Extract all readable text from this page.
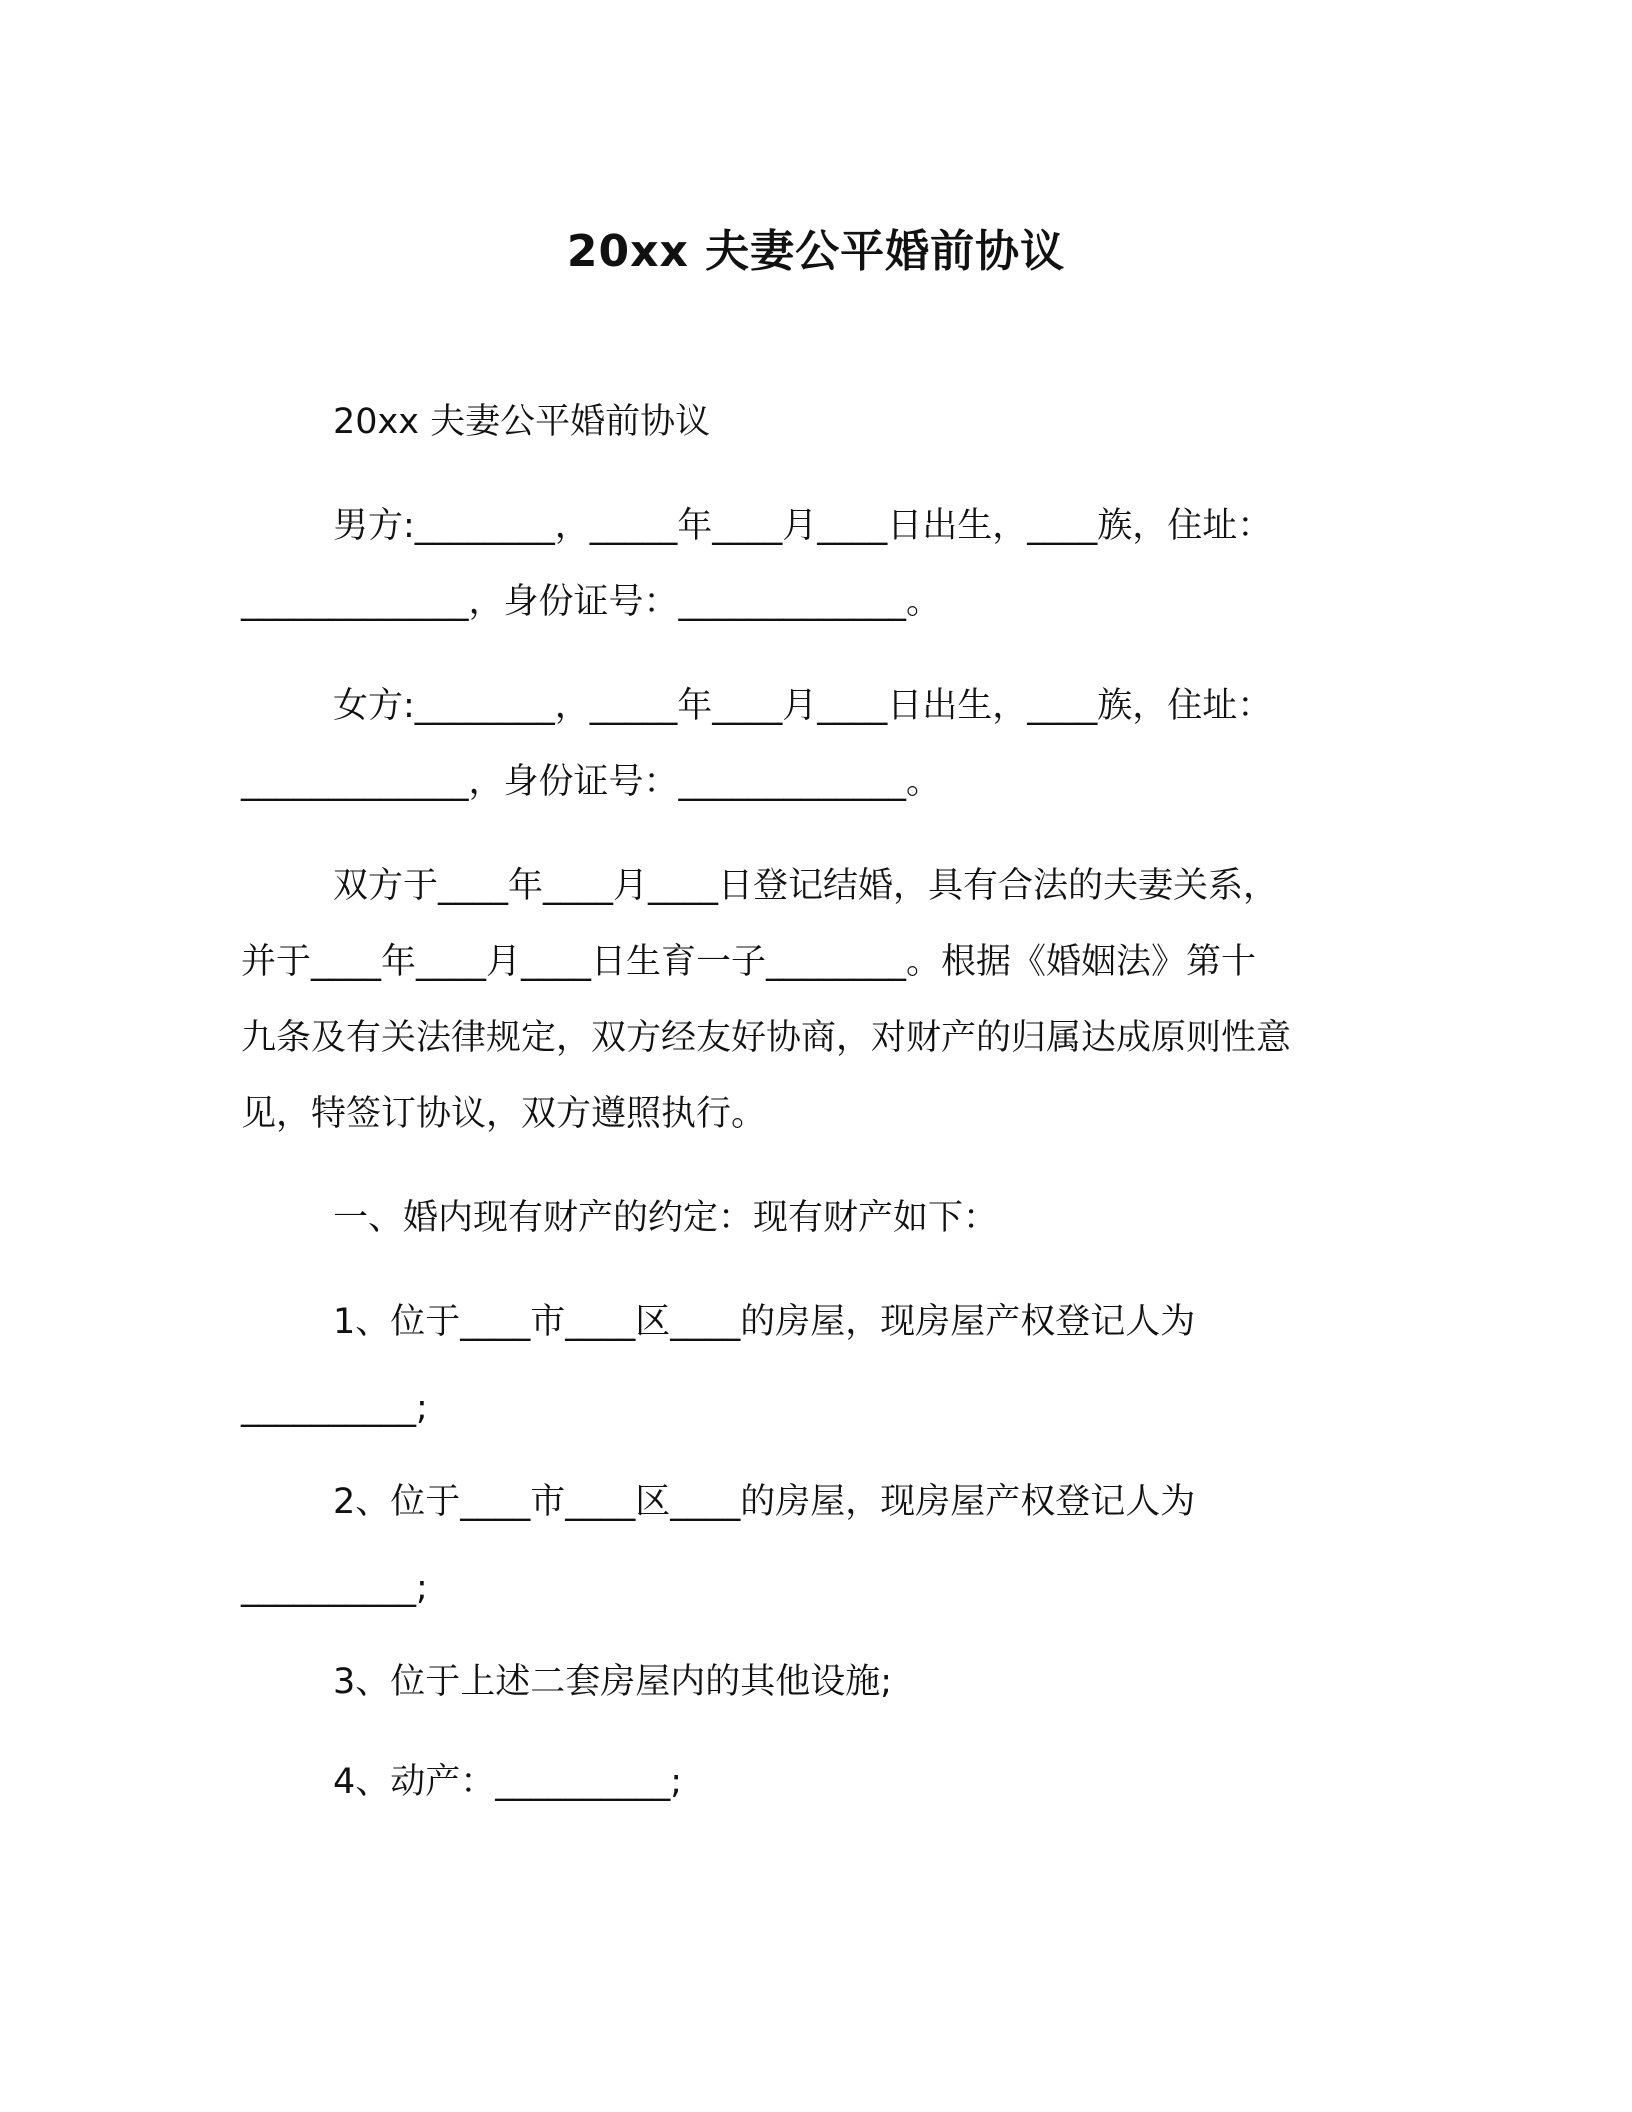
20xx 夫妻公平婚前协议
20xx 夫妻公平婚前协议
男方:________，_____年____月____日出生，____族，住址：
_____________，身份证号：_____________。
女方:________，_____年____月____日出生，____族，住址：
_____________，身份证号：_____________。
双方于____年____月____日登记结婚，具有合法的夫妻关系，
并于____年____月____日生育一子________。根据《婚姻法》第十
九条及有关法律规定，双方经友好协商，对财产的归属达成原则性意
见，特签订协议，双方遵照执行。
一、婚内现有财产的约定：现有财产如下：
1、位于____市____区____的房屋，现房屋产权登记人为
__________;
2、位于____市____区____的房屋，现房屋产权登记人为
__________;
3、位于上述二套房屋内的其他设施;
4、动产：__________;
